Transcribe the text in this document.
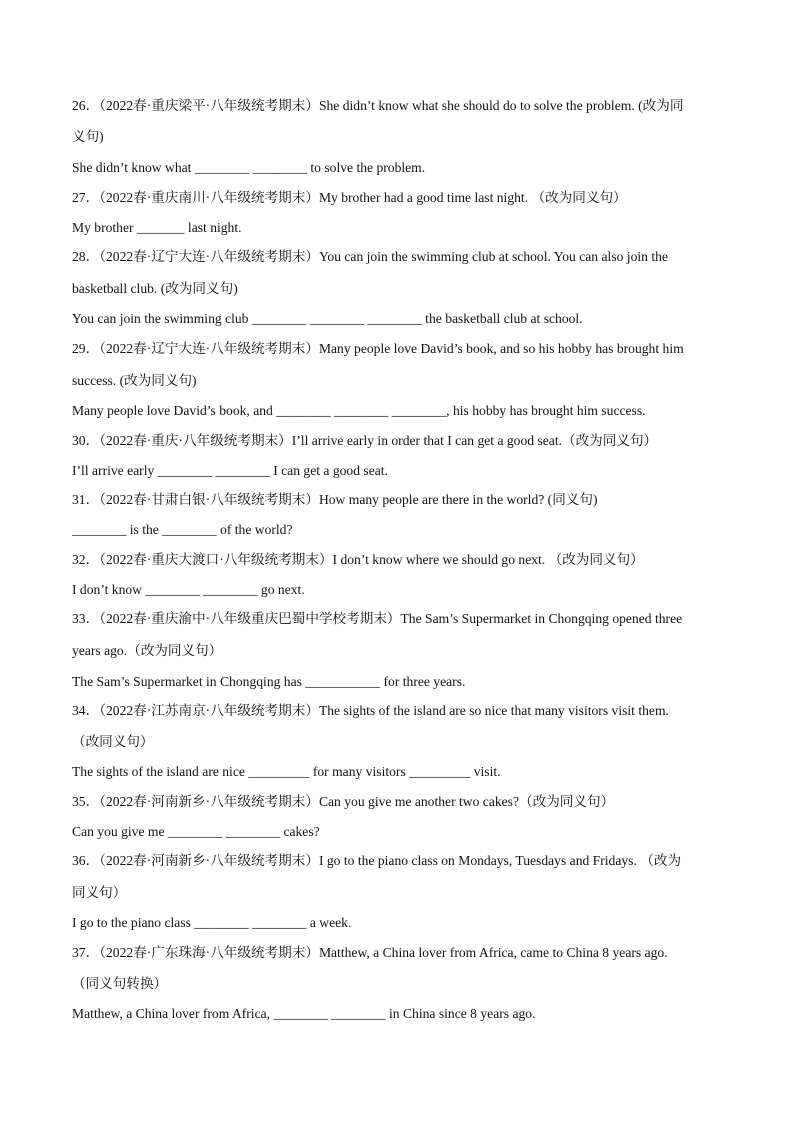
26．（2022春·重庆梁平·八年级统考期末）She didn’t know what she should do to solve the problem. (改为同
义句)
She didn’t know what ________ ________ to solve the problem.
27．（2022春·重庆南川·八年级统考期末）My brother had a good time last night. （改为同义句）
My brother _______ last night.
28．（2022春·辽宁大连·八年级统考期末）You can join the swimming club at school. You can also join the
basketball club. (改为同义句)
You can join the swimming club ________ ________ ________ the basketball club at school.
29．（2022春·辽宁大连·八年级统考期末）Many people love David’s book, and so his hobby has brought him
success. (改为同义句)
Many people love David’s book, and ________ ________ ________, his hobby has brought him success.
30．（2022春·重庆·八年级统考期末）I’ll arrive early in order that I can get a good seat.（改为同义句）
I’ll arrive early ________ ________ I can get a good seat.
31．（2022春·甘肃白银·八年级统考期末）How many people are there in the world? (同义句)
________ is the ________ of the world?
32．（2022春·重庆大渡口·八年级统考期末）I don’t know where we should go next. （改为同义句）
I don’t know ________ ________ go next.
33．（2022春·重庆渝中·八年级重庆巴蜀中学校考期末）The Sam’s Supermarket in Chongqing opened three
years ago.（改为同义句）
The Sam’s Supermarket in Chongqing has ___________ for three years.
34．（2022春·江苏南京·八年级统考期末）The sights of the island are so nice that many visitors visit them.
（改同义句）
The sights of the island are nice _________ for many visitors _________ visit.
35．（2022春·河南新乡·八年级统考期末）Can you give me another two cakes?（改为同义句）
Can you give me ________ ________ cakes?
36．（2022春·河南新乡·八年级统考期末）I go to the piano class on Mondays, Tuesdays and Fridays. （改为
同义句）
I go to the piano class ________ ________ a week.
37．（2022春·广东珠海·八年级统考期末）Matthew, a China lover from Africa, came to China 8 years ago.
（同义句转换）
Matthew, a China lover from Africa, ________ ________ in China since 8 years ago.
